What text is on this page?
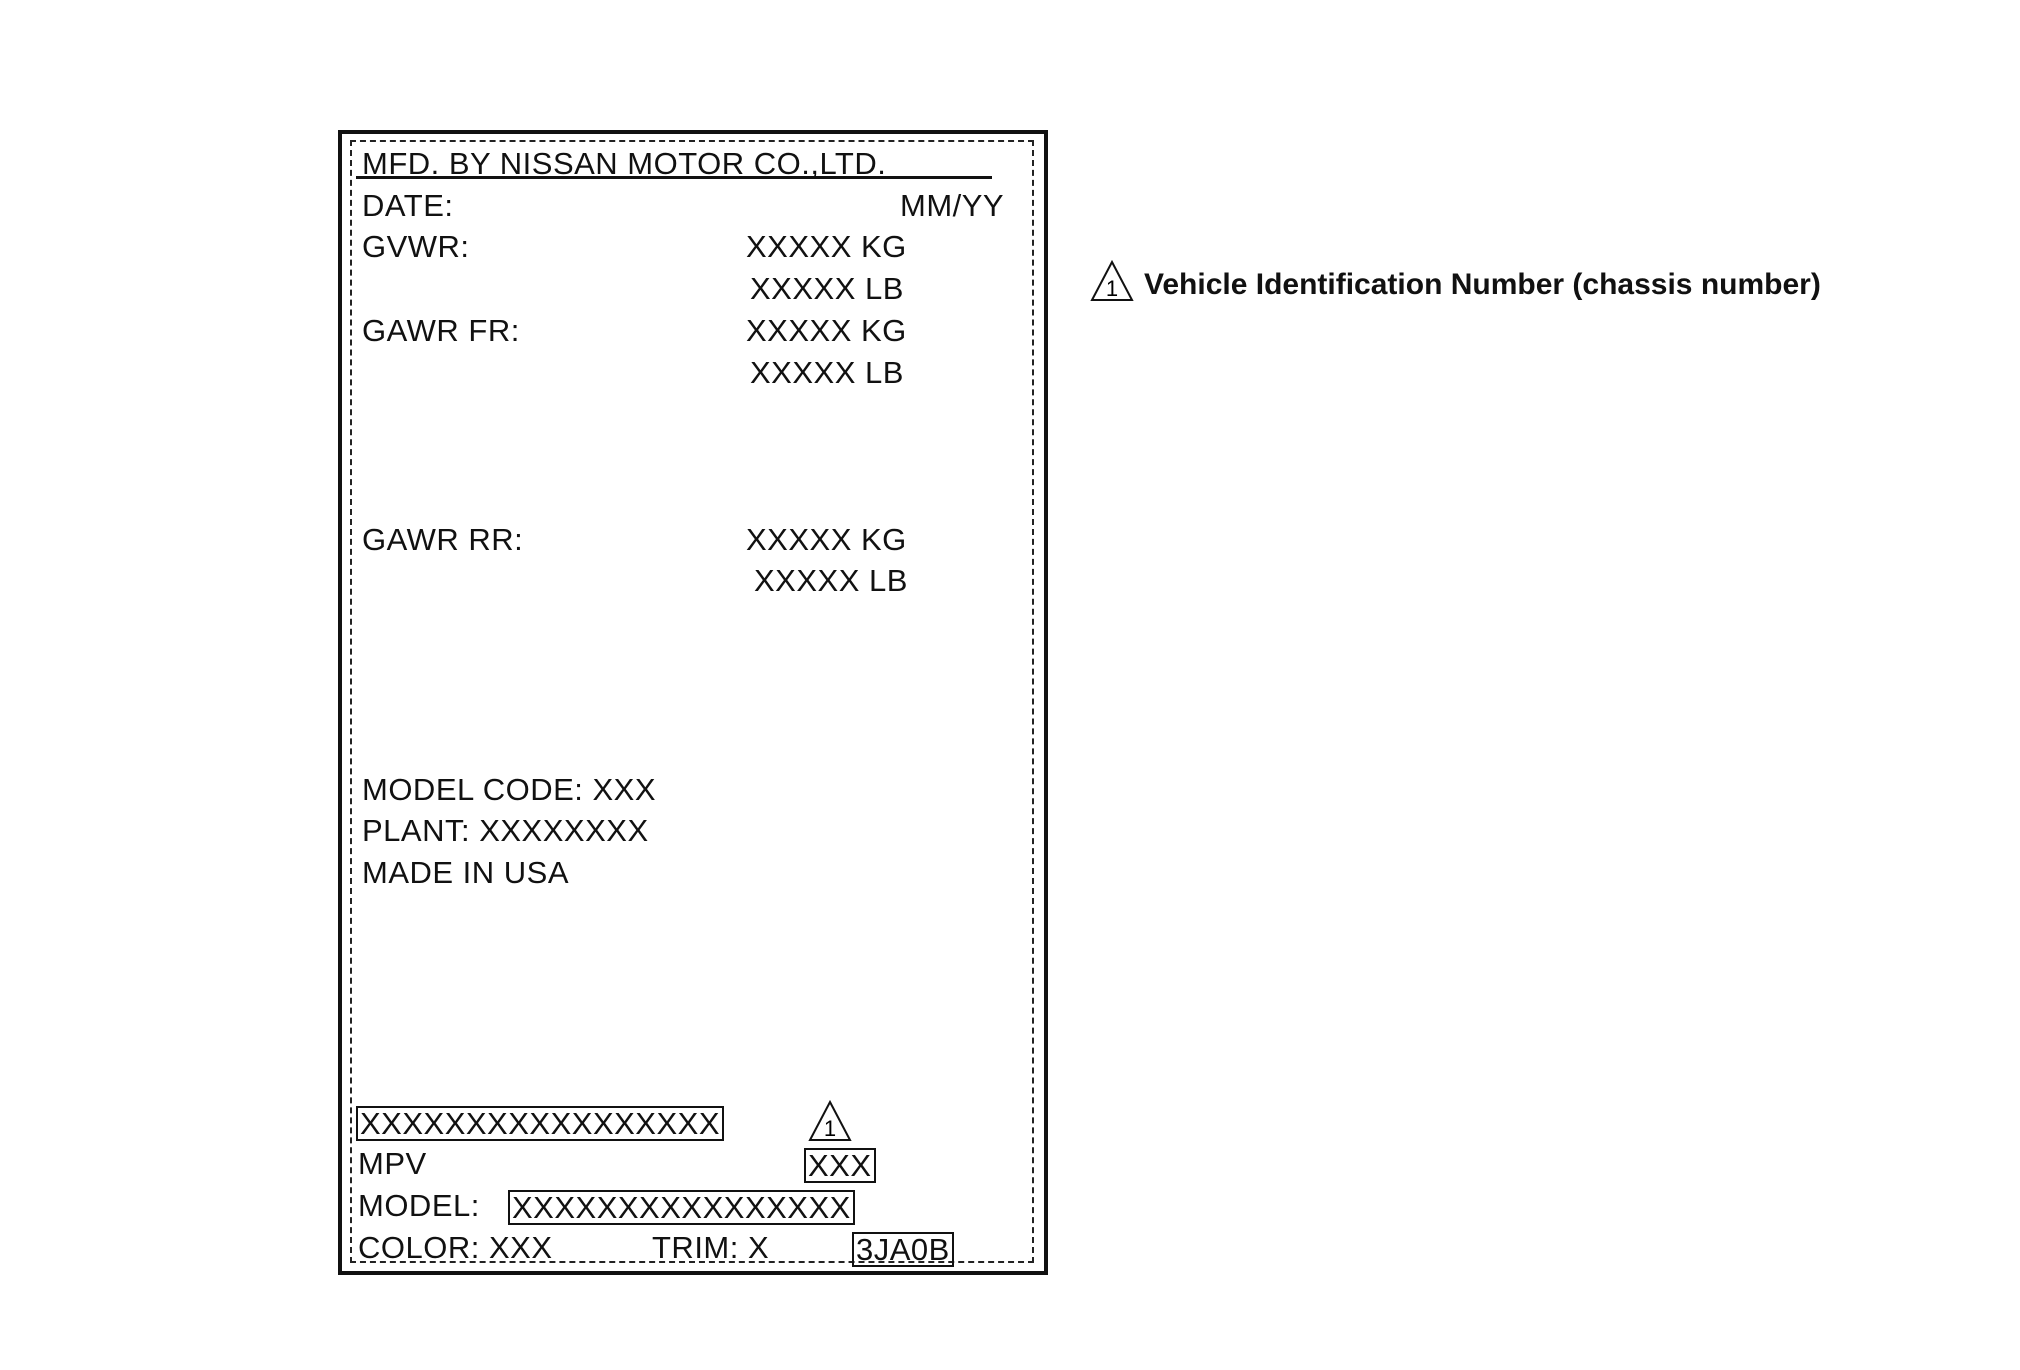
MFD. BY NISSAN MOTOR CO.,LTD.
DATE:	MM/YY
GVWR:	XXXXX KG
XXXXX LB
GAWR FR:	XXXXX KG
XXXXX LB
GAWR RR:	XXXXX KG
XXXXX LB
MODEL CODE: XXX
PLANT: XXXXXXXX
MADE IN USA
XXXXXXXXXXXXXXXXX	1
MPV	XXX
MODEL: XXXXXXXXXXXXXXXX
COLOR: XXX	TRIM: X	3JA0B
1 Vehicle Identification Number (chassis number)
